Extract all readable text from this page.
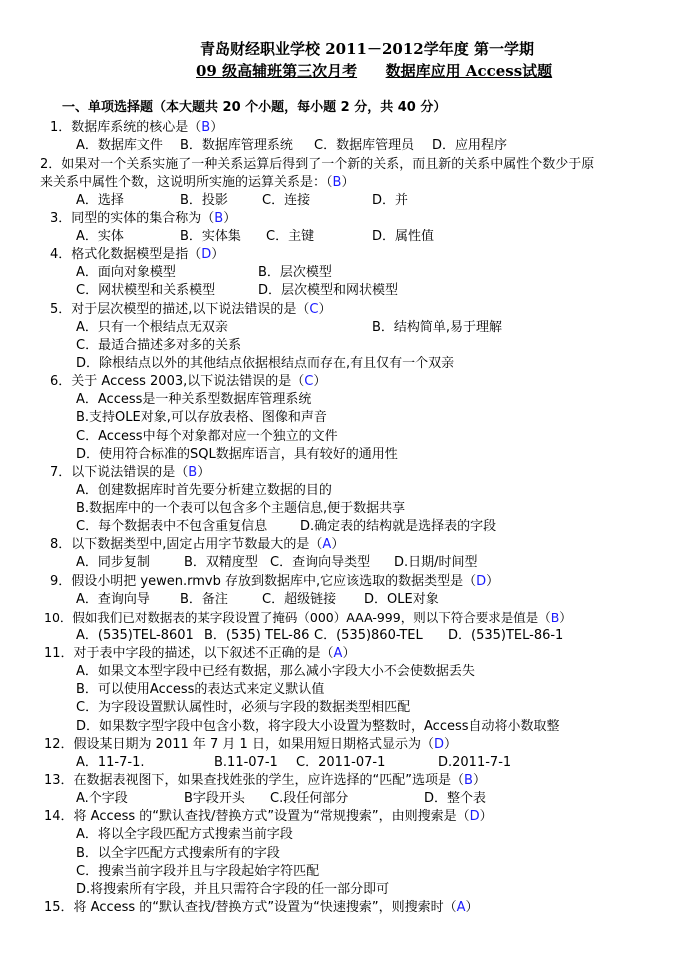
青岛财经职业学校 2011－2012学年度 第一学期
09 级高辅班第三次月考 数据库应用 Access试题
一、单项选择题（本大题共 20 个小题，每小题 2 分，共 40 分）
1．数据库系统的核心是（B）
A．数据库文件 B．数据库管理系统 C．数据库管理员 D．应用程序
2．如果对一个关系实施了一种关系运算后得到了一个新的关系，而且新的关系中属性个数少于原
来关系中属性个数，这说明所实施的运算关系是：（B）
A．选择	B．投影	C．连接	D．并
3．同型的实体的集合称为（B）
A．实体	B．实体集 C．主键	D．属性值
4．格式化数据模型是指（D）
A．面向对象模型	B．层次模型
C．网状模型和关系模型	D．层次模型和网状模型
5．对于层次模型的描述,以下说法错误的是（C）
A．只有一个根结点无双亲	B．结构简单,易于理解
C．最适合描述多对多的关系
D．除根结点以外的其他结点依据根结点而存在,有且仅有一个双亲
6．关于 Access 2003,以下说法错误的是（C）
A．Access是一种关系型数据库管理系统
B.支持OLE对象,可以存放表格、图像和声音
C．Access中每个对象都对应一个独立的文件
D．使用符合标准的SQL数据库语言，具有较好的通用性
7．以下说法错误的是（B）
A．创建数据库时首先要分析建立数据的目的
B.数据库中的一个表可以包含多个主题信息,便于数据共享
C．每个数据表中不包含重复信息	D.确定表的结构就是选择表的字段
8．以下数据类型中,固定占用字节数最大的是（A）
A．同步复制	B．双精度型 C．查询向导类型 D.日期/时间型
9．假设小明把 yewen.rmvb 存放到数据库中,它应该选取的数据类型是（D）
A．查询向导 B．备注	C．超级链接 D．OLE对象
10．假如我们已对数据表的某字段设置了掩码（000）AAA-999，则以下符合要求是值是（B）
A．(535)TEL-8601 B．(535) TEL-86 C．(535)860-TEL D．(535)TEL-86-1
11．对于表中字段的描述，以下叙述不正确的是（A）
A．如果文本型字段中已经有数据，那么减小字段大小不会使数据丢失
B．可以使用Access的表达式来定义默认值
C．为字段设置默认属性时，必须与字段的数据类型相匹配
D．如果数字型字段中包含小数，将字段大小设置为整数时，Access自动将小数取整
12．假设某日期为 2011 年 7 月 1 日，如果用短日期格式显示为（D）
A．11-7-1.	B.11-07-1 C．2011-07-1	D.2011-7-1
13．在数据表视图下，如果查找姓张的学生，应许选择的“匹配”选项是（B）
A.个字段	B字段开头 C.段任何部分	D．整个表
14．将 Access 的“默认查找/替换方式”设置为“常规搜索”，由则搜索是（D）
A．将以全字段匹配方式搜索当前字段
B．以全字匹配方式搜索所有的字段
C．搜索当前字段并且与字段起始字符匹配
D.将搜索所有字段，并且只需符合字段的任一部分即可
15．将 Access 的“默认查找/替换方式”设置为“快速搜索”，则搜索时（A）
